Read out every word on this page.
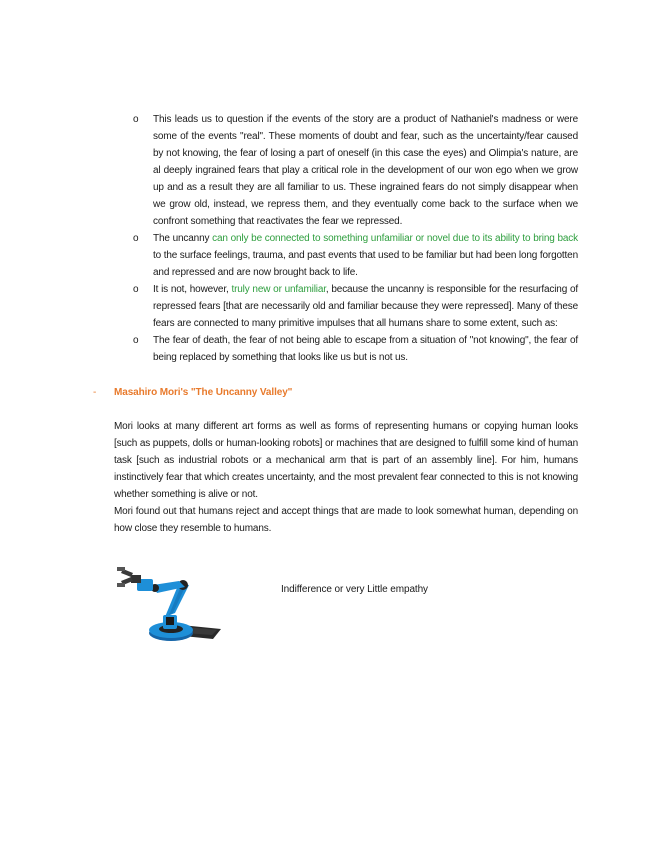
o This leads us to question if the events of the story are a product of Nathaniel's madness or were some of the events "real". These moments of doubt and fear, such as the uncertainty/fear caused by not knowing, the fear of losing a part of oneself (in this case the eyes) and Olimpia's nature, are al deeply ingrained fears that play a critical role in the development of our won ego when we grow up and as a result they are all familiar to us. These ingrained fears do not simply disappear when we grow old, instead, we repress them, and they eventually come back to the surface when we confront something that reactivates the fear we repressed.

o The uncanny can only be connected to something unfamiliar or novel due to its ability to bring back to the surface feelings, trauma, and past events that used to be familiar but had been long forgotten and repressed and are now brought back to life.

o It is not, however, truly new or unfamiliar, because the uncanny is responsible for the resurfacing of repressed fears [that are necessarily old and familiar because they were repressed]. Many of these fears are connected to many primitive impulses that all humans share to some extent, such as:

o The fear of death, the fear of not being able to escape from a situation of "not knowing", the fear of being replaced by something that looks like us but is not us.

- Masahiro Mori's "The Uncanny Valley"

Mori looks at many different art forms as well as forms of representing humans or copying human looks [such as puppets, dolls or human-looking robots] or machines that are designed to fulfill some kind of human task [such as industrial robots or a mechanical arm that is part of an assembly line]. For him, humans instinctively fear that which creates uncertainty, and the most prevalent fear connected to this is not knowing whether something is alive or not.

Mori found out that humans reject and accept things that are made to look somewhat human, depending on how close they resemble to humans.

Indifference or very Little empathy
